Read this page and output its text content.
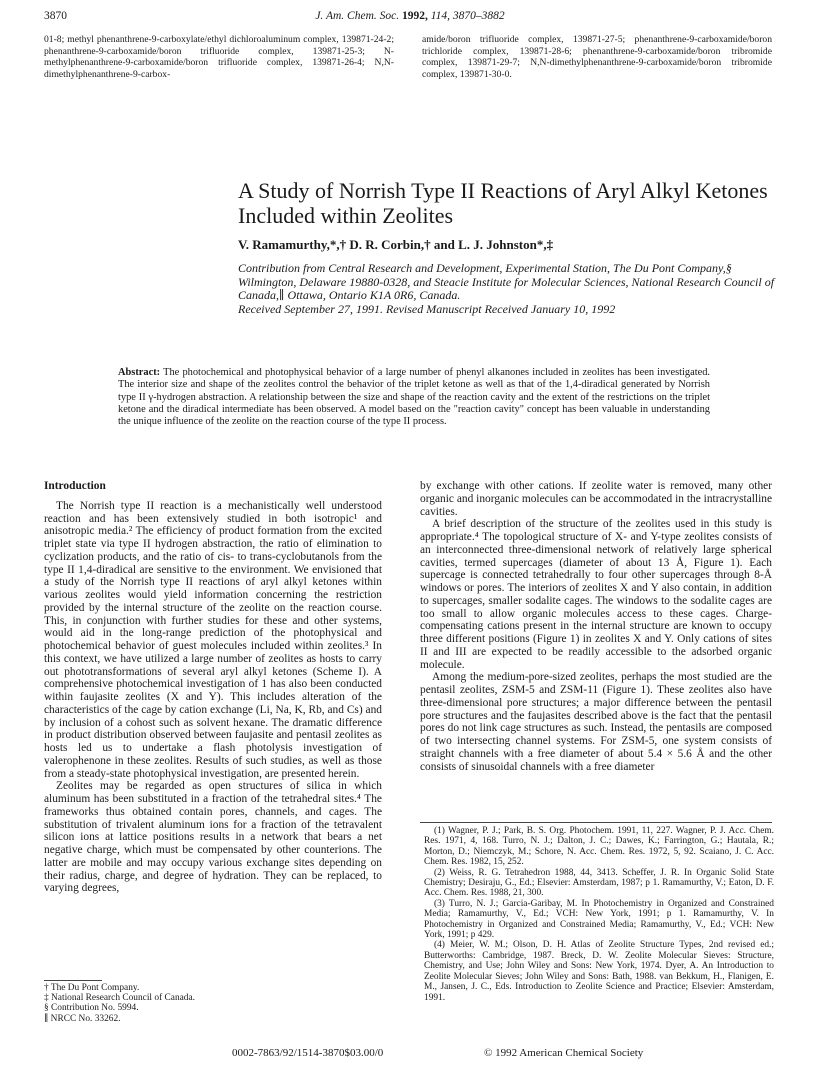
3870	J. Am. Chem. Soc. 1992, 114, 3870–3882
01-8; methyl phenanthrene-9-carboxylate/ethyl dichloroaluminum complex, 139871-24-2; phenanthrene-9-carboxamide/boron trifluoride complex, 139871-25-3; N-methylphenanthrene-9-carboxamide/boron trifluoride complex, 139871-26-4; N,N-dimethylphenanthrene-9-carbox-
amide/boron trifluoride complex, 139871-27-5; phenanthrene-9-carboxamide/boron trichloride complex, 139871-28-6; phenanthrene-9-carboxamide/boron tribromide complex, 139871-29-7; N,N-dimethylphenanthrene-9-carboxamide/boron tribromide complex, 139871-30-0.
A Study of Norrish Type II Reactions of Aryl Alkyl Ketones Included within Zeolites
V. Ramamurthy,*,† D. R. Corbin,† and L. J. Johnston*,‡
Contribution from Central Research and Development, Experimental Station, The Du Pont Company,§ Wilmington, Delaware 19880-0328, and Steacie Institute for Molecular Sciences, National Research Council of Canada,∥ Ottawa, Ontario K1A 0R6, Canada.
Received September 27, 1991. Revised Manuscript Received January 10, 1992
Abstract: The photochemical and photophysical behavior of a large number of phenyl alkanones included in zeolites has been investigated. The interior size and shape of the zeolites control the behavior of the triplet ketone as well as that of the 1,4-diradical generated by Norrish type II γ-hydrogen abstraction. A relationship between the size and shape of the reaction cavity and the extent of the restrictions on the triplet ketone and the diradical intermediate has been observed. A model based on the "reaction cavity" concept has been valuable in understanding the unique influence of the zeolite on the reaction course of the type II process.

Introduction

The Norrish type II reaction is a mechanistically well understood reaction and has been extensively studied in both isotropic¹ and anisotropic media.² The efficiency of product formation from the excited triplet state via type II hydrogen abstraction, the ratio of elimination to cyclization products, and the ratio of cis- to trans-cyclobutanols from the type II 1,4-diradical are sensitive to the environment. We envisioned that a study of the Norrish type II reactions of aryl alkyl ketones within various zeolites would yield information concerning the restriction provided by the internal structure of the zeolite on the reaction course. This, in conjunction with further studies for these and other systems, would aid in the long-range prediction of the photophysical and photochemical behavior of guest molecules included within zeolites.³ In this context, we have utilized a large number of zeolites as hosts to carry out phototransformations of several aryl alkyl ketones (Scheme I). A comprehensive photochemical investigation of 1 has also been conducted within faujasite zeolites (X and Y). This includes alteration of the characteristics of the cage by cation exchange (Li, Na, K, Rb, and Cs) and by inclusion of a cohost such as solvent hexane. The dramatic difference in product distribution observed between faujasite and pentasil zeolites as hosts led us to undertake a flash photolysis investigation of valerophenone in these zeolites. Results of such studies, as well as those from a steady-state photophysical investigation, are presented herein.

Zeolites may be regarded as open structures of silica in which aluminum has been substituted in a fraction of the tetrahedral sites.⁴ The frameworks thus obtained contain pores, channels, and cages. The substitution of trivalent aluminum ions for a fraction of the tetravalent silicon ions at lattice positions results in a network that bears a net negative charge, which must be compensated by other counterions. The latter are mobile and may occupy various exchange sites depending on their radius, charge, and degree of hydration. They can be replaced, to varying degrees,

† The Du Pont Company.
‡ National Research Council of Canada.
§ Contribution No. 5994.
∥ NRCC No. 33262.

by exchange with other cations. If zeolite water is removed, many other organic and inorganic molecules can be accommodated in the intracrystalline cavities.

A brief description of the structure of the zeolites used in this study is appropriate.⁴ The topological structure of X- and Y-type zeolites consists of an interconnected three-dimensional network of relatively large spherical cavities, termed supercages (diameter of about 13 Å, Figure 1). Each supercage is connected tetrahedrally to four other supercages through 8-Å windows or pores. The interiors of zeolites X and Y also contain, in addition to supercages, smaller sodalite cages. The windows to the sodalite cages are too small to allow organic molecules access to these cages. Charge-compensating cations present in the internal structure are known to occupy three different positions (Figure 1) in zeolites X and Y. Only cations of sites II and III are expected to be readily accessible to the adsorbed organic molecule.

Among the medium-pore-sized zeolites, perhaps the most studied are the pentasil zeolites, ZSM-5 and ZSM-11 (Figure 1). These zeolites also have three-dimensional pore structures; a major difference between the pentasil pore structures and the faujasites described above is the fact that the pentasil pores do not link cage structures as such. Instead, the pentasils are composed of two intersecting channel systems. For ZSM-5, one system consists of straight channels with a free diameter of about 5.4 × 5.6 Å and the other consists of sinusoidal channels with a free diameter

(1) Wagner, P. J.; Park, B. S. Org. Photochem. 1991, 11, 227. Wagner, P. J. Acc. Chem. Res. 1971, 4, 168. Turro, N. J.; Dalton, J. C.; Dawes, K.; Farrington, G.; Hautala, R.; Morton, D.; Niemczyk, M.; Schore, N. Acc. Chem. Res. 1972, 5, 92. Scaiano, J. C. Acc. Chem. Res. 1982, 15, 252.

(2) Weiss, R. G. Tetrahedron 1988, 44, 3413. Scheffer, J. R. In Organic Solid State Chemistry; Desiraju, G., Ed.; Elsevier: Amsterdam, 1987; p 1. Ramamurthy, V.; Eaton, D. F. Acc. Chem. Res. 1988, 21, 300.

(3) Turro, N. J.; Garcia-Garibay, M. In Photochemistry in Organized and Constrained Media; Ramamurthy, V., Ed.; VCH: New York, 1991; p 1. Ramamurthy, V. In Photochemistry in Organized and Constrained Media; Ramamurthy, V., Ed.; VCH: New York, 1991; p 429.

(4) Meier, W. M.; Olson, D. H. Atlas of Zeolite Structure Types, 2nd revised ed.; Butterworths: Cambridge, 1987. Breck, D. W. Zeolite Molecular Sieves: Structure, Chemistry, and Use; John Wiley and Sons: New York, 1974. Dyer, A. An Introduction to Zeolite Molecular Sieves; John Wiley and Sons: Bath, 1988. van Bekkum, H., Flanigen, E. M., Jansen, J. C., Eds. Introduction to Zeolite Science and Practice; Elsevier: Amsterdam, 1991.

0002-7863/92/1514-3870$03.00/0	© 1992 American Chemical Society
